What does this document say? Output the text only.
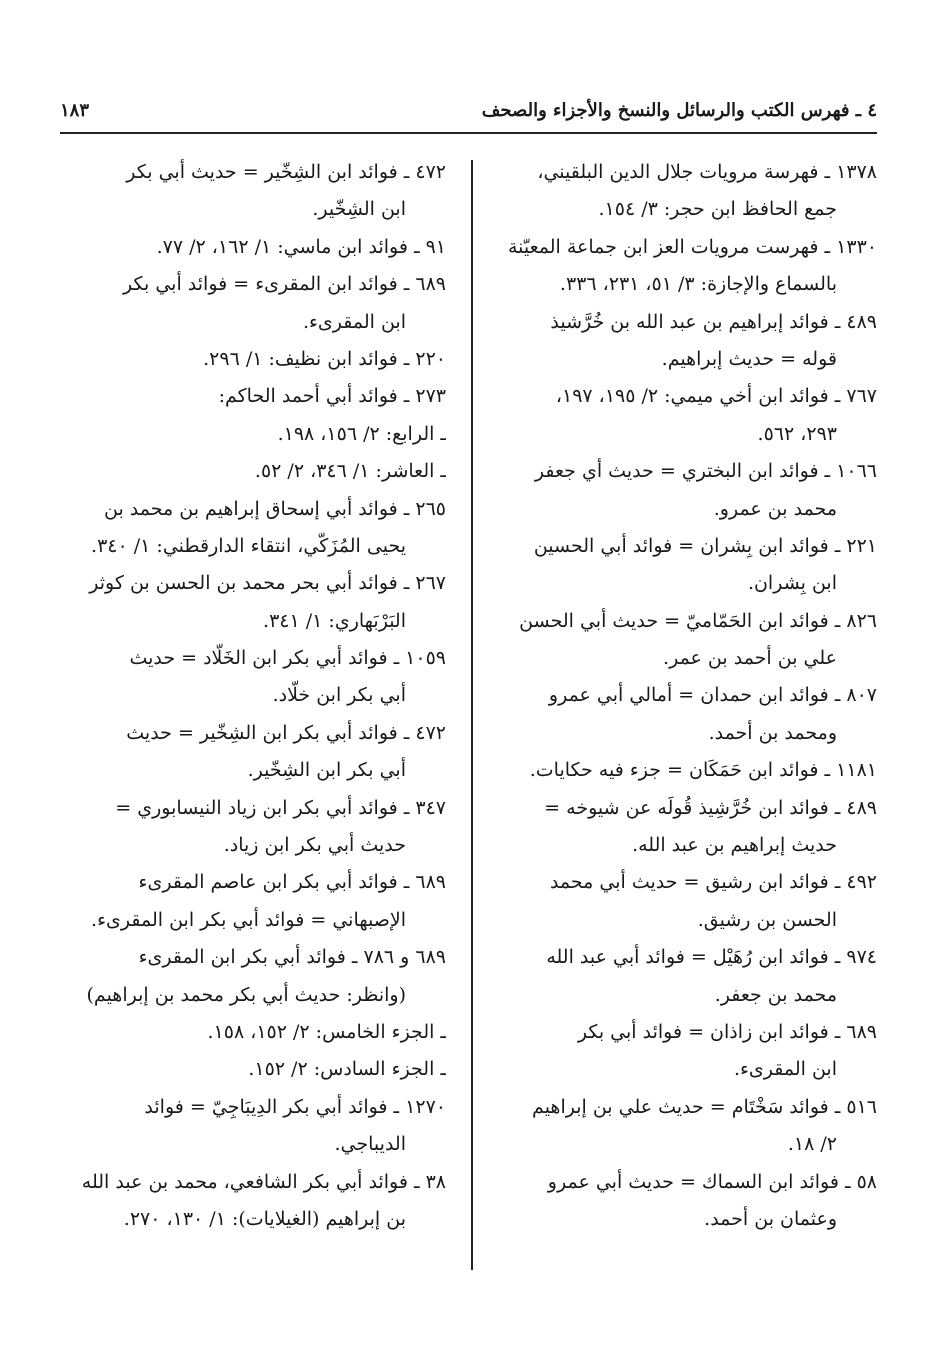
٤ ـ فهرس الكتب والرسائل والنسخ والأجزاء والصحف
١٨٣
١٣٧٨ ـ فهرسة مرويات جلال الدين البلقيني،
جمع الحافظ ابن حجر: ٣/ ١٥٤.
١٣٣٠ ـ فهرست مرويات العز ابن جماعة المعيّنة
بالسماع والإجازة: ٣/ ٥١، ٢٣١، ٣٣٦.
٤٨٩ ـ فوائد إبراهيم بن عبد الله بن خُرَّشيذ
قوله = حديث إبراهيم.
٧٦٧ ـ فوائد ابن أخي ميمي: ٢/ ١٩٥، ١٩٧،
٢٩٣، ٥٦٢.
١٠٦٦ ـ فوائد ابن البختري = حديث أي جعفر
محمد بن عمرو.
٢٢١ ـ فوائد ابن بِشران = فوائد أبي الحسين
ابن بِشران.
٨٢٦ ـ فوائد ابن الحَمّاميّ = حديث أبي الحسن
علي بن أحمد بن عمر.
٨٠٧ ـ فوائد ابن حمدان = أمالي أبي عمرو
ومحمد بن أحمد.
١١٨١ ـ فوائد ابن حَمَكَان = جزء فيه حكايات.
٤٨٩ ـ فوائد ابن خُرَّشِيذ قُولَه عن شيوخه =
حديث إبراهيم بن عبد الله.
٤٩٢ ـ فوائد ابن رشيق = حديث أبي محمد
الحسن بن رشيق.
٩٧٤ ـ فوائد ابن رُهَيْل = فوائد أبي عبد الله
محمد بن جعفر.
٦٨٩ ـ فوائد ابن زاذان = فوائد أبي بكر
ابن المقرىء.
٥١٦ ـ فوائد سَخْتَام = حديث علي بن إبراهيم
٢/ ١٨.
٥٨ ـ فوائد ابن السماك = حديث أبي عمرو
وعثمان بن أحمد.
٤٧٢ ـ فوائد ابن الشِخّير = حديث أبي بكر
ابن الشِخّير.
٩١ ـ فوائد ابن ماسي: ١/ ١٦٢، ٢/ ٧٧.
٦٨٩ ـ فوائد ابن المقرىء = فوائد أبي بكر
ابن المقرىء.
٢٢٠ ـ فوائد ابن نظيف: ١/ ٢٩٦.
٢٧٣ ـ فوائد أبي أحمد الحاكم:
ـ الرابع: ٢/ ١٥٦، ١٩٨.
ـ العاشر: ١/ ٣٤٦، ٢/ ٥٢.
٢٦٥ ـ فوائد أبي إسحاق إبراهيم بن محمد بن
يحيى المُزَكّي، انتقاء الدارقطني: ١/ ٣٤٠.
٢٦٧ ـ فوائد أبي بحر محمد بن الحسن بن كوثر
البَرْبَهاري: ١/ ٣٤١.
١٠٥٩ ـ فوائد أبي بكر ابن الخَلّاد = حديث
أبي بكر ابن خلّاد.
٤٧٢ ـ فوائد أبي بكر ابن الشِخّير = حديث
أبي بكر ابن الشِخّير.
٣٤٧ ـ فوائد أبي بكر ابن زياد النيسابوري =
حديث أبي بكر ابن زياد.
٦٨٩ ـ فوائد أبي بكر ابن عاصم المقرىء
الإصبهاني = فوائد أبي بكر ابن المقرىء.
٦٨٩ و ٧٨٦ ـ فوائد أبي بكر ابن المقرىء
(وانظر: حديث أبي بكر محمد بن إبراهيم)
ـ الجزء الخامس: ٢/ ١٥٢، ١٥٨.
ـ الجزء السادس: ٢/ ١٥٢.
١٢٧٠ ـ فوائد أبي بكر الدِيبَاجِيّ = فوائد
الديباجي.
٣٨ ـ فوائد أبي بكر الشافعي، محمد بن عبد الله
بن إبراهيم (الغيلايات): ١/ ١٣٠، ٢٧٠.
